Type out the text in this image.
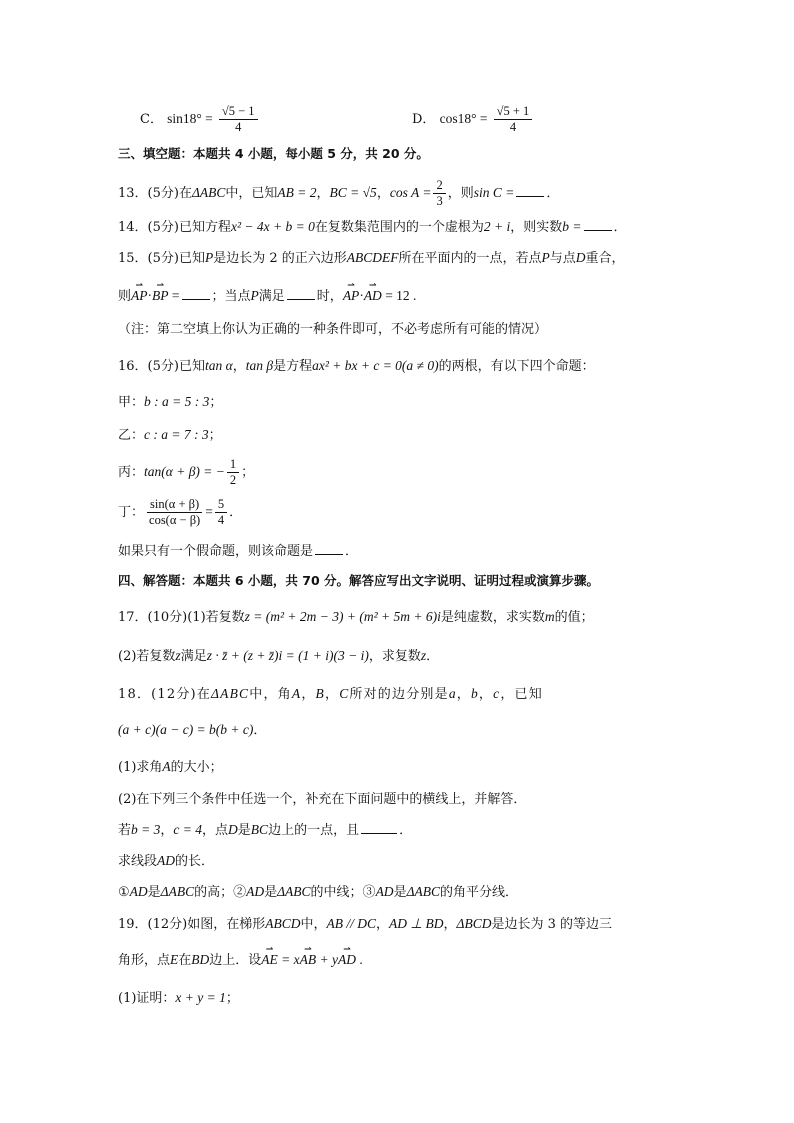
C． $\sin 18^\circ = \frac{√5 - 1}{4}$	D． $\cos 18^\circ = \frac{√5 + 1}{4}$
三、填空题：本题共 4 小题，每小题 5 分，共 20 分。
13．(5分)在ΔABC中，已知AB = 2，BC = √5，$\cos A = \frac{2}{3}$ ，则sin C = ．
14．(5分)已知方程x² − 4x + b = 0在复数集范围内的一个虚根为2 + i，则实数b = ．
15．(5分)已知P是边长为 2 的正六边形ABCDEF所在平面内的一点，若点P与点D重合，
则⇀ AP·⇀ BP = ；当点P满足 时，⇀ AP·⇀ AD = 12 .
（注：第二空填上你认为正确的一种条件即可，不必考虑所有可能的情况）
16．(5分)已知tan α，tan β是方程ax² + bx + c = 0(a ≠ 0)的两根，有以下四个命题：
甲：b : a = 5 : 3；
乙：c : a = 7 : 3；
丙：tan(α + β) = − $\frac{1}{2}$ ；
丁： $\frac{\sin(\alpha + \beta)}{\cos(\alpha - \beta)} = \frac{5}{4}$ ．
如果只有一个假命题，则该命题是 ．
四、解答题：本题共 6 小题，共 70 分。解答应写出文字说明、证明过程或演算步骤。
17．(10分)(1)若复数z = (m² + 2m − 3) + (m² + 5m + 6)i是纯虚数，求实数m的值；
(2)若复数z满足z · z̄ + (z + z̄)i = (1 + i)(3 − i)，求复数z．
18．(12分)在ΔABC中，角A，B，C所对的边分别是a，b，c，已知
(a + c)(a − c) = b(b + c)．
(1)求角A的大小；
(2)在下列三个条件中任选一个，补充在下面问题中的横线上，并解答．
若b = 3，c = 4，点D是BC边上的一点，且	．
求线段AD的长．
①AD是ΔABC的高；②AD是ΔABC的中线；③AD是ΔABC的角平分线．
19．(12分)如图，在梯形ABCD中，AB // DC，AD ⊥ BD，ΔBCD是边长为 3 的等边三
角形，点E在BD边上．设⇀ AE = x⇀ AB + y⇀ AD .
(1)证明：x + y = 1；
